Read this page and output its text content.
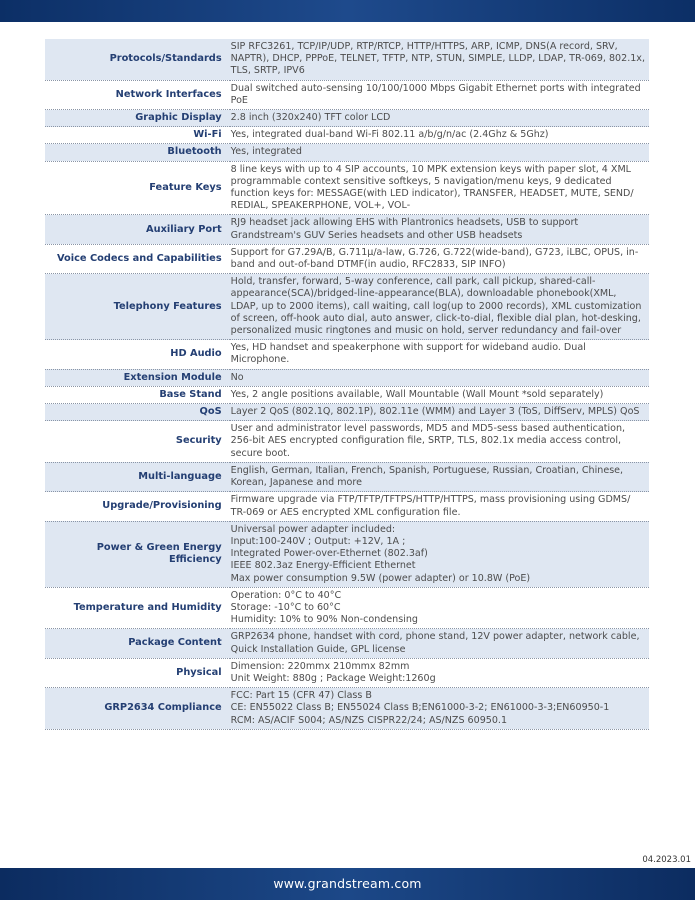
Protocols/Standards	SIP RFC3261, TCP/IP/UDP, RTP/RTCP, HTTP/HTTPS, ARP, ICMP, DNS(A record, SRV,
NAPTR), DHCP, PPPoE, TELNET, TFTP, NTP, STUN, SIMPLE, LLDP, LDAP, TR-069, 802.1x,
TLS, SRTP, IPV6

Network Interfaces	Dual switched auto-sensing 10/100/1000 Mbps Gigabit Ethernet ports with integrated
PoE

Graphic Display	2.8 inch (320x240) TFT color LCD

Wi-Fi	Yes, integrated dual-band Wi-Fi 802.11 a/b/g/n/ac (2.4Ghz & 5Ghz)

Bluetooth	Yes, integrated

Feature Keys	8 line keys with up to 4 SIP accounts, 10 MPK extension keys with paper slot, 4 XML
programmable context sensitive softkeys, 5 navigation/menu keys, 9 dedicated
function keys for: MESSAGE(with LED indicator), TRANSFER, HEADSET, MUTE, SEND/
REDIAL, SPEAKERPHONE, VOL+, VOL-

Auxiliary Port	RJ9 headset jack allowing EHS with Plantronics headsets, USB to support
Grandstream's GUV Series headsets and other USB headsets

Voice Codecs and Capabilities	Support for G7.29A/B, G.711μ/a-law, G.726, G.722(wide-band), G723, iLBC, OPUS, in-
band and out-of-band DTMF(in audio, RFC2833, SIP INFO)

Telephony Features	Hold, transfer, forward, 5-way conference, call park, call pickup, shared-call-
appearance(SCA)/bridged-line-appearance(BLA), downloadable phonebook(XML,
LDAP, up to 2000 items), call waiting, call log(up to 2000 records), XML customization
of screen, off-hook auto dial, auto answer, click-to-dial, flexible dial plan, hot-desking,
personalized music ringtones and music on hold, server redundancy and fail-over

HD Audio	Yes, HD handset and speakerphone with support for wideband audio. Dual
Microphone.

Extension Module	No

Base Stand	Yes, 2 angle positions available, Wall Mountable (Wall Mount *sold separately)

QoS	Layer 2 QoS (802.1Q, 802.1P), 802.11e (WMM) and Layer 3 (ToS, DiffServ, MPLS) QoS

Security	User and administrator level passwords, MD5 and MD5-sess based authentication,
256-bit AES encrypted configuration file, SRTP, TLS, 802.1x media access control,
secure boot.

Multi-language	English, German, Italian, French, Spanish, Portuguese, Russian, Croatian, Chinese,
Korean, Japanese and more

Upgrade/Provisioning	Firmware upgrade via FTP/TFTP/TFTPS/HTTP/HTTPS, mass provisioning using GDMS/
TR-069 or AES encrypted XML configuration file.

Power & Green Energy Efficiency	Universal power adapter included:
Input:100-240V ; Output: +12V, 1A ;
Integrated Power-over-Ethernet (802.3af)
IEEE 802.3az Energy-Efficient Ethernet
Max power consumption 9.5W (power adapter) or 10.8W (PoE)

Temperature and Humidity	Operation: 0°C to 40°C
Storage: -10°C to 60°C
Humidity: 10% to 90% Non-condensing

Package Content	GRP2634 phone, handset with cord, phone stand, 12V power adapter, network cable,
Quick Installation Guide, GPL license

Physical	Dimension: 220mmx 210mmx 82mm
Unit Weight: 880g ; Package Weight:1260g

GRP2634 Compliance	FCC: Part 15 (CFR 47) Class B
CE: EN55022 Class B; EN55024 Class B;EN61000-3-2; EN61000-3-3;EN60950-1
RCM: AS/ACIF S004; AS/NZS CISPR22/24; AS/NZS 60950.1
04.2023.01
www.grandstream.com
